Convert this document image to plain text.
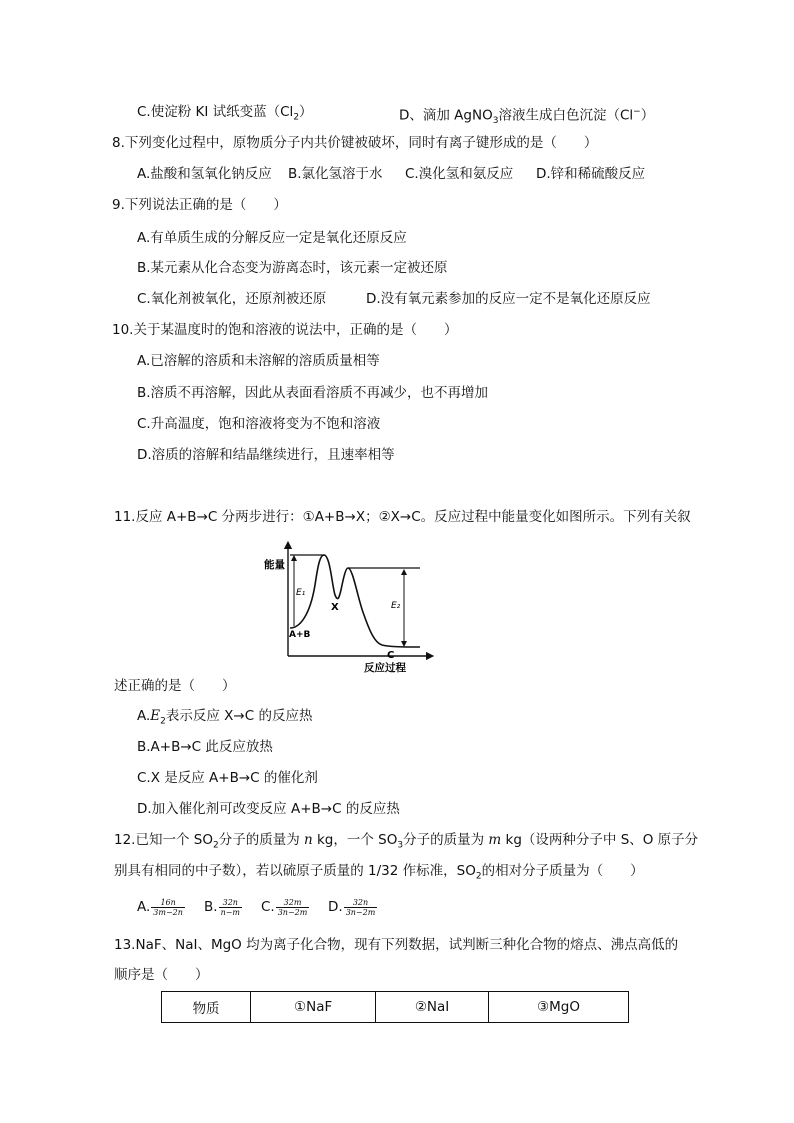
C.使淀粉 KI 试纸变蓝$(Cl_2)$	D、滴加 AgNO$_3$溶液生成白色沉淀（Cl−）
8.下列变化过程中，原物质分子内共价键被破坏，同时有离子键形成的是（　　）
A.盐酸和氢氧化钠反应 B.氯化氢溶于水 C.溴化氢和氨反应 D.锌和稀硫酸反应
9.下列说法正确的是（　　）
A.有单质生成的分解反应一定是氧化还原反应
B.某元素从化合态变为游离态时，该元素一定被还原
C.氧化剂被氧化，还原剂被还原	D.没有氧元素参加的反应一定不是氧化还原反应
10.关于某温度时的饱和溶液的说法中，正确的是（　　）
A.已溶解的溶质和未溶解的溶质质量相等
B.溶质不再溶解，因此从表面看溶质不再减少，也不再增加
C.升高温度，饱和溶液将变为不饱和溶液
D.溶质的溶解和结晶继续进行，且速率相等
11.反应 A+B→C 分两步进行：①A+B→X；②X→C。反应过程中能量变化如图所示。下列有关叙
能量
E₁
E₂
A+B
X
C
反应过程
述正确的是（　　）
$A.E_2$表示反应 X→C 的反应热
B.A+B→C 此反应放热
C.X 是反应 A+B→C 的催化剂
D.加入催化剂可改变反应 A+B→C 的反应热
12.已知一个 $SO_2$分子的质量为 n kg，一个 $SO_3$分子的质量为 m kg（设两种分子中 S、O 原子分
别具有相同的中子数），若以硫原子质量的 1/32 作标准，$SO_2$的相对分子质量为（　　）
A. $\frac{16n}{3m-2n} B$. $\frac{32n}{n-m} C$. $\frac{32m}{3n-2m} D$. $\frac{32n}{3n-2m}$
13.NaF、NaI、MgO 均为离子化合物，现有下列数据，试判断三种化合物的熔点、沸点高低的
顺序是（　　）
物质	①NaF	②NaI	③MgO
